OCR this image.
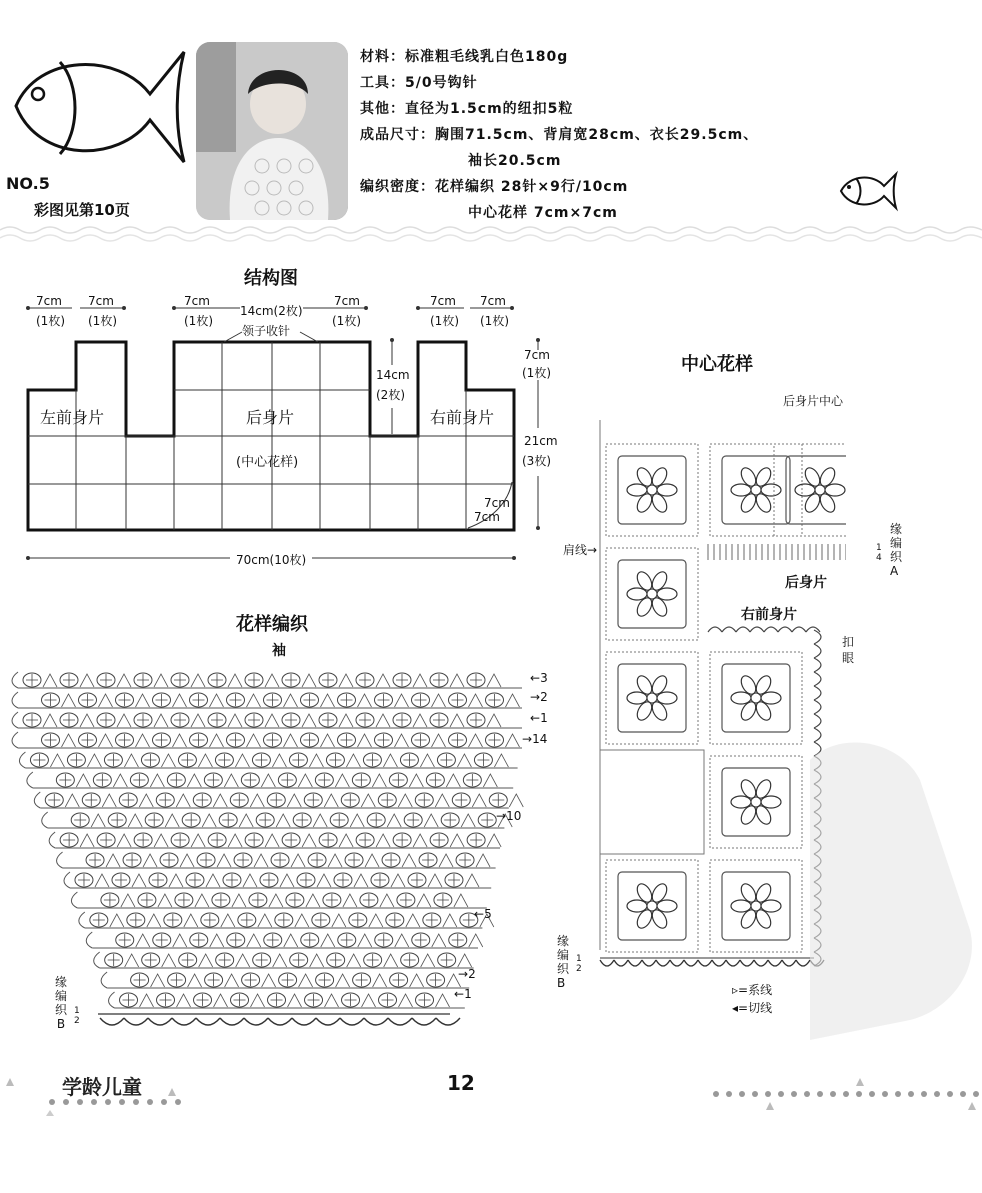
NO.5
彩图见第10页
材料：标准粗毛线乳白色180g
工具：5/0号钩针
其他：直径为1.5cm的纽扣5粒
成品尺寸：胸围71.5cm、背肩宽28cm、衣长29.5cm、
袖长20.5cm
编织密度：花样编织 28针×9行/10cm
中心花样 7cm×7cm
结构图
7cm 7cm	7cm
14cm(2枚)
7cm	7cm 7cm
(1枚) (1枚)	(1枚)	(1枚)	(1枚) (1枚)
领子收针
左前身片	后身片
(中心花样)
右前身片
14cm
(2枚)
7cm
(1枚)
21cm
(3枚)
7cm
7cm
70cm(10枚)
花样编织
袖
←3
→2
←1
→14
→10
←5
→2
←1
缘
编
织
B
1
2
中心花样
后身片中心
肩线→
后身片
右前身片
扣
眼
缘
编
织
A
1
4
缘
编
织
B
1
2
▹=系线
◂=切线
学龄儿童	12
